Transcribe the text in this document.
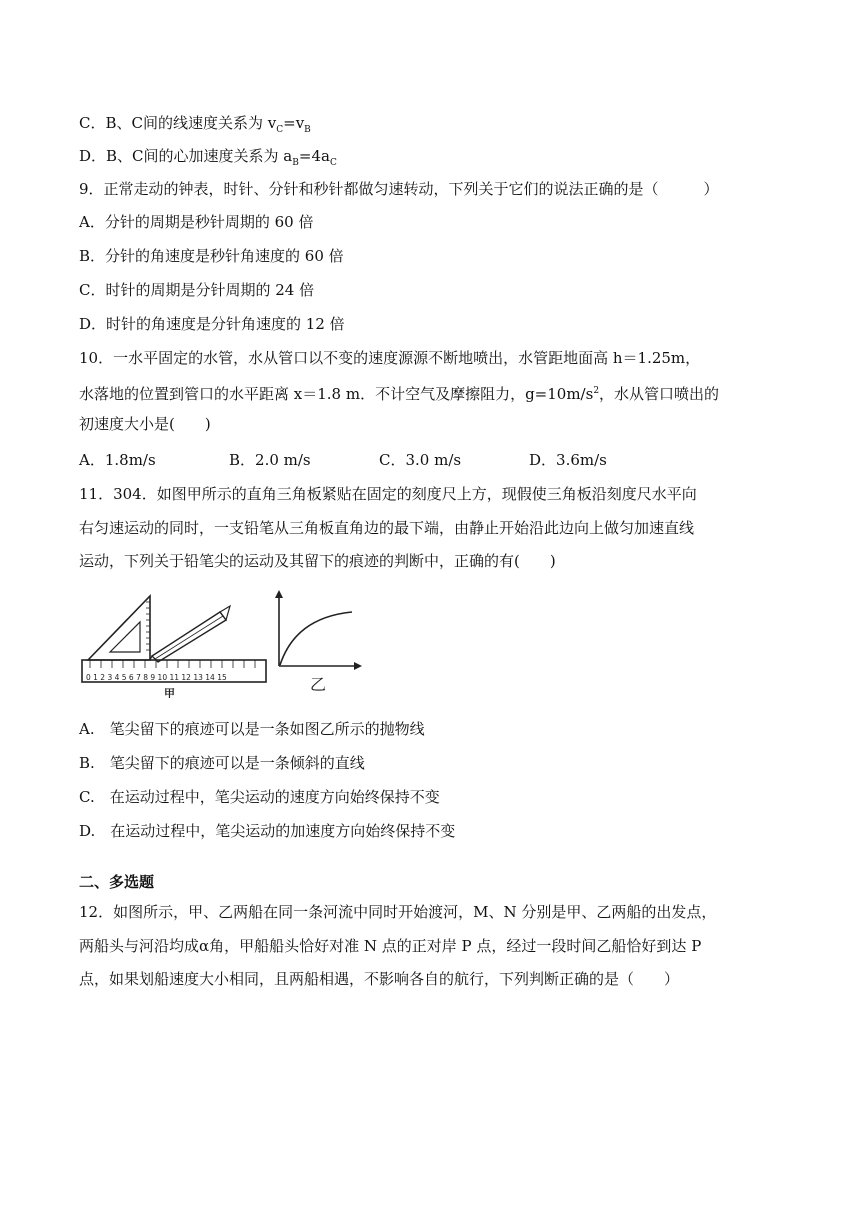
C．B、C间的线速度关系为 $v_C=v_B$
D．B、C间的心加速度关系为 $a_B=4a_C$
9．正常走动的钟表，时针、分针和秒针都做匀速转动，下列关于它们的说法正确的是（　　　）
A．分针的周期是秒针周期的 60 倍
B．分针的角速度是秒针角速度的 60 倍
C．时针的周期是分针周期的 24 倍
D．时针的角速度是分针角速度的 12 倍
10．一水平固定的水管，水从管口以不变的速度源源不断地喷出，水管距地面高 h＝1.25m，
水落地的位置到管口的水平距离 x＝1.8 m．不计空气及摩擦阻力，$g=10m/s^2$，水从管口喷出的
初速度大小是(　　)
A．1.8m/s	B．2.0 m/s	C．3.0 m/s	D．3.6m/s
11．304．如图甲所示的直角三角板紧贴在固定的刻度尺上方，现假使三角板沿刻度尺水平向
右匀速运动的同时，一支铅笔从三角板直角边的最下端，由静止开始沿此边向上做匀加速直线
运动，下列关于铅笔尖的运动及其留下的痕迹的判断中，正确的有(　　)
0 1 2 3 4 5 6 7 8 9 10 11 12 13 14 15
甲	乙
A.　笔尖留下的痕迹可以是一条如图乙所示的抛物线
B.　笔尖留下的痕迹可以是一条倾斜的直线
C.　在运动过程中，笔尖运动的速度方向始终保持不变
D.　在运动过程中，笔尖运动的加速度方向始终保持不变
二、多选题
12．如图所示，甲、乙两船在同一条河流中同时开始渡河，M、N 分别是甲、乙两船的出发点，
两船头与河沿均成α角，甲船船头恰好对准 N 点的正对岸 P 点，经过一段时间乙船恰好到达 P
点，如果划船速度大小相同，且两船相遇，不影响各自的航行，下列判断正确的是（　　）
